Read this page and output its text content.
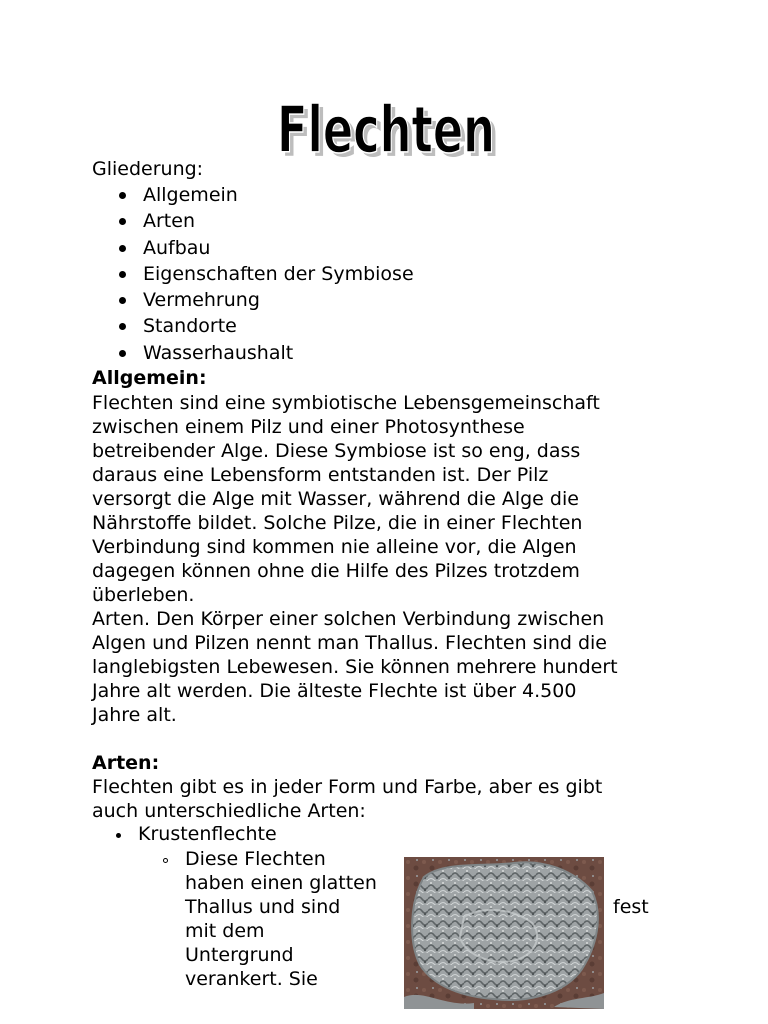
Flechten
Flechten
Gliederung:
Allgemein
Arten
Aufbau
Eigenschaften der Symbiose
Vermehrung
Standorte
Wasserhaushalt
Allgemein:
Flechten sind eine symbiotische Lebensgemeinschaft
zwischen einem Pilz und einer Photosynthese
betreibender Alge. Diese Symbiose ist so eng, dass
daraus eine Lebensform entstanden ist. Der Pilz
versorgt die Alge mit Wasser, während die Alge die
Nährstoffe bildet. Solche Pilze, die in einer Flechten
Verbindung sind kommen nie alleine vor, die Algen
dagegen können ohne die Hilfe des Pilzes trotzdem
überleben.
Arten. Den Körper einer solchen Verbindung zwischen
Algen und Pilzen nennt man Thallus. Flechten sind die
langlebigsten Lebewesen. Sie können mehrere hundert
Jahre alt werden. Die älteste Flechte ist über 4.500
Jahre alt.
Arten:
Flechten gibt es in jeder Form und Farbe, aber es gibt
auch unterschiedliche Arten:
Krustenflechte
Diese Flechten
haben einen glatten
Thallus und sind
mit dem
Untergrund
verankert. Sie
fest
